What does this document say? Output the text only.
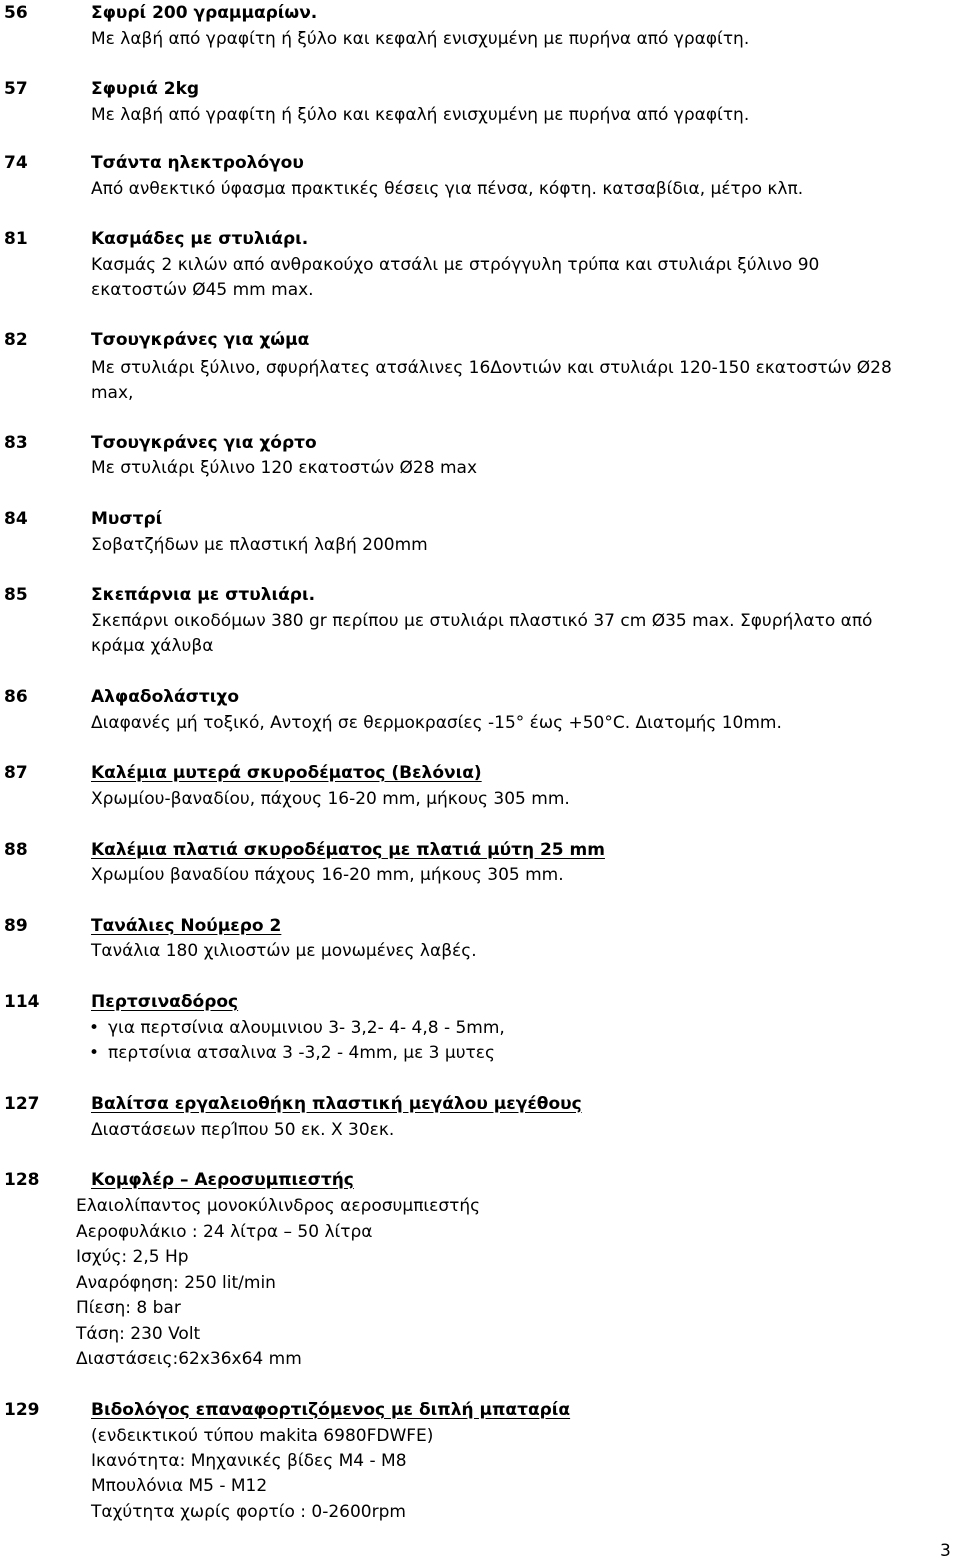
56	Σφυρί 200 γραμμαρίων.
Με λαβή από γραφίτη ή ξύλο και κεφαλή ενισχυμένη με πυρήνα από γραφίτη.
57	Σφυριά 2kg
Με λαβή από γραφίτη ή ξύλο και κεφαλή ενισχυμένη με πυρήνα από γραφίτη.
74	Τσάντα ηλεκτρολόγου
Από ανθεκτικό ύφασμα πρακτικές θέσεις για πένσα, κόφτη. κατσαβίδια, μέτρο κλπ.
81	Κασμάδες με στυλιάρι.
Κασμάς 2 κιλών από ανθρακούχο ατσάλι με στρόγγυλη τρύπα και στυλιάρι ξύλινο 90
εκατοστών Ø45 mm max.
82	Τσουγκράνες για χώμα
Με στυλιάρι ξύλινο, σφυρήλατες ατσάλινες 16Δοντιών και στυλιάρι 120-150 εκατοστών Ø28
max,
83	Τσουγκράνες για χόρτο
Με στυλιάρι ξύλινο 120 εκατοστών Ø28 max
84	Μυστρί
Σοβατζήδων με πλαστική λαβή 200mm
85	Σκεπάρνια με στυλιάρι.
Σκεπάρνι οικοδόμων 380 gr περίπου με στυλιάρι πλαστικό 37 cm Ø35 max. Σφυρήλατο από
κράμα χάλυβα
86	Αλφαδολάστιχο
Διαφανές μή τοξικό, Αντοχή σε θερμοκρασίες -15° έως +50°C. Διατομής 10mm.
87	Καλέμια μυτερά σκυροδέματος (Βελόνια)
Χρωμίου-βαναδίου, πάχους 16-20 mm, μήκους 305 mm.
88	Καλέμια πλατιά σκυροδέματος με πλατιά μύτη 25 mm
Χρωμίου βαναδίου πάχους 16-20 mm, μήκους 305 mm.
89	Τανάλιες Νούμερο 2
Τανάλια 180 χιλιοστών με μονωμένες λαβές.
114	Περτσιναδόρος
• για περτσίνια αλουμινιου 3- 3,2- 4- 4,8 - 5mm,
• περτσίνια ατσαλινα 3 -3,2 - 4mm, με 3 μυτες
127	Βαλίτσα εργαλειοθήκη πλαστική μεγάλου μεγέθους
Διαστάσεων περΊπου 50 εκ. Χ 30εκ.
128	Κομφλέρ – Αεροσυμπιεστής
Ελαιολίπαντος μονοκύλινδρος αεροσυμπιεστής
Αεροφυλάκιο : 24 λίτρα – 50 λίτρα
Ισχύς: 2,5 Hp
Αναρόφηση: 250 lit/min
Πίεση: 8 bar
Τάση: 230 Volt
Διαστάσεις:62x36x64 mm
129	Βιδολόγος επαναφορτιζόμενος με διπλή μπαταρία
(ενδεικτικού τύπου makita 6980FDWFE)
Ικανότητα: Μηχανικές βίδες Μ4 - Μ8
Μπουλόνια Μ5 - Μ12
Ταχύτητα χωρίς φορτίο : 0-2600rpm
3
